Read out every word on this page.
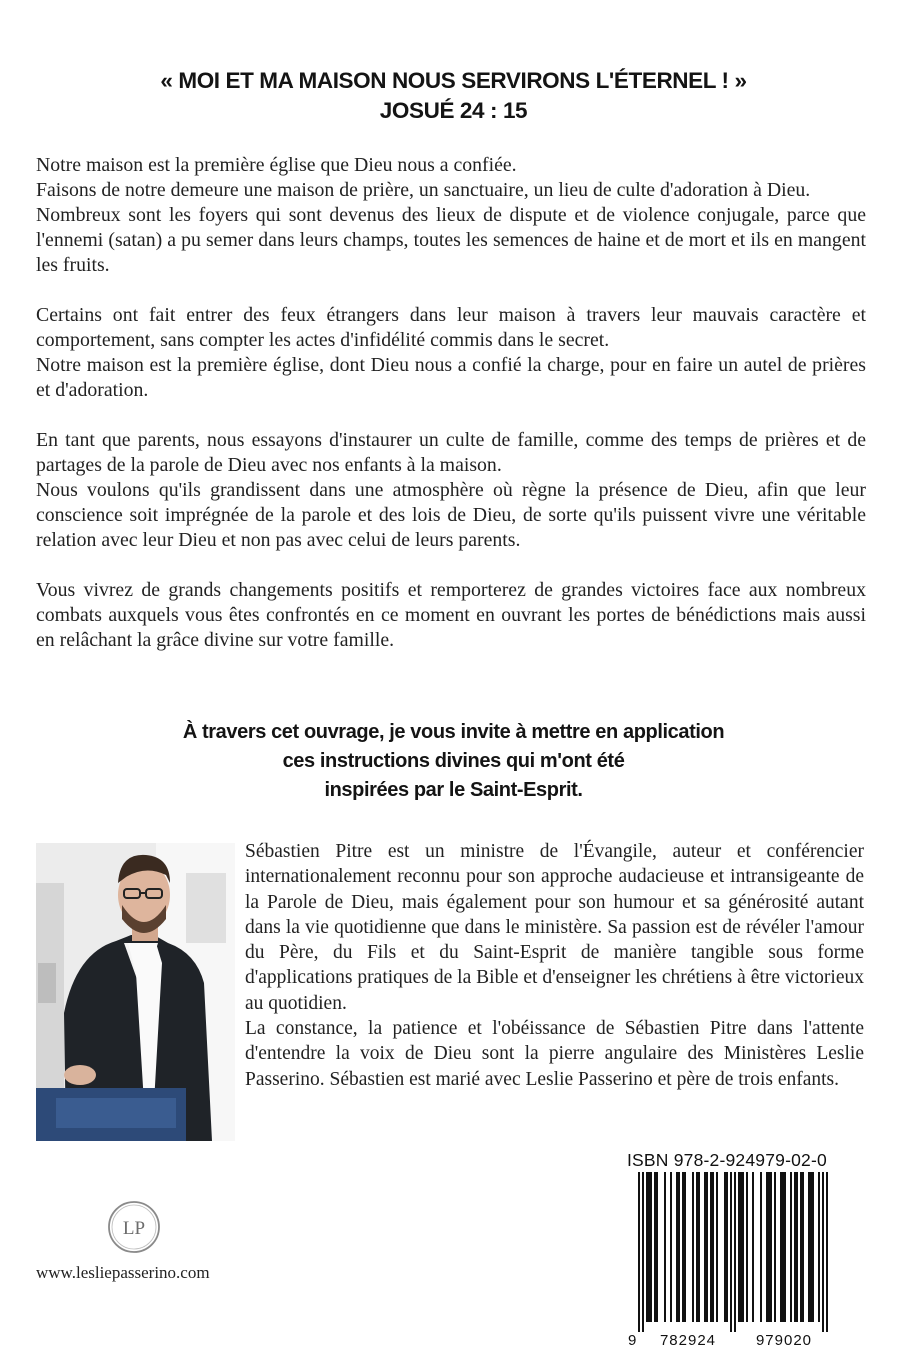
« MOI ET MA MAISON NOUS SERVIRONS L'ÉTERNEL ! »
JOSUÉ 24 : 15

Notre maison est la première église que Dieu nous a confiée.
Faisons de notre demeure une maison de prière, un sanctuaire, un lieu de culte d'adoration à Dieu.
Nombreux sont les foyers qui sont devenus des lieux de dispute et de violence conjugale, parce que l'ennemi (satan) a pu semer dans leurs champs, toutes les semences de haine et de mort et ils en mangent les fruits.

Certains ont fait entrer des feux étrangers dans leur maison à travers leur mauvais caractère et comportement, sans compter les actes d'infidélité commis dans le secret.
Notre maison est la première église, dont Dieu nous a confié la charge, pour en faire un autel de prières et d'adoration.

En tant que parents, nous essayons d'instaurer un culte de famille, comme des temps de prières et de partages de la parole de Dieu avec nos enfants à la maison.
Nous voulons qu'ils grandissent dans une atmosphère où règne la présence de Dieu, afin que leur conscience soit imprégnée de la parole et des lois de Dieu, de sorte qu'ils puissent vivre une véritable relation avec leur Dieu et non pas avec celui de leurs parents.

Vous vivrez de grands changements positifs et remporterez de grandes victoires face aux nombreux combats auxquels vous êtes confrontés en ce moment en ouvrant les portes de bénédictions mais aussi en relâchant la grâce divine sur votre famille.

À travers cet ouvrage, je vous invite à mettre en application
ces instructions divines qui m'ont été
inspirées par le Saint-Esprit.

Sébastien Pitre est un ministre de l'Évangile, auteur et conférencier internationalement reconnu pour son approche audacieuse et intransigeante de la Parole de Dieu, mais également pour son humour et sa générosité autant dans la vie quotidienne que dans le ministère. Sa passion est de révéler l'amour du Père, du Fils et du Saint-Esprit de manière tangible sous forme d'applications pratiques de la Bible et d'enseigner les chrétiens à être victorieux au quotidien.

La constance, la patience et l'obéissance de Sébastien Pitre dans l'attente d'entendre la voix de Dieu sont la pierre angulaire des Ministères Leslie Passerino. Sébastien est marié avec Leslie Passerino et père de trois enfants.

LP
www.lesliepasserino.com
ISBN 978-2-924979-02-0
9 782924	979020
